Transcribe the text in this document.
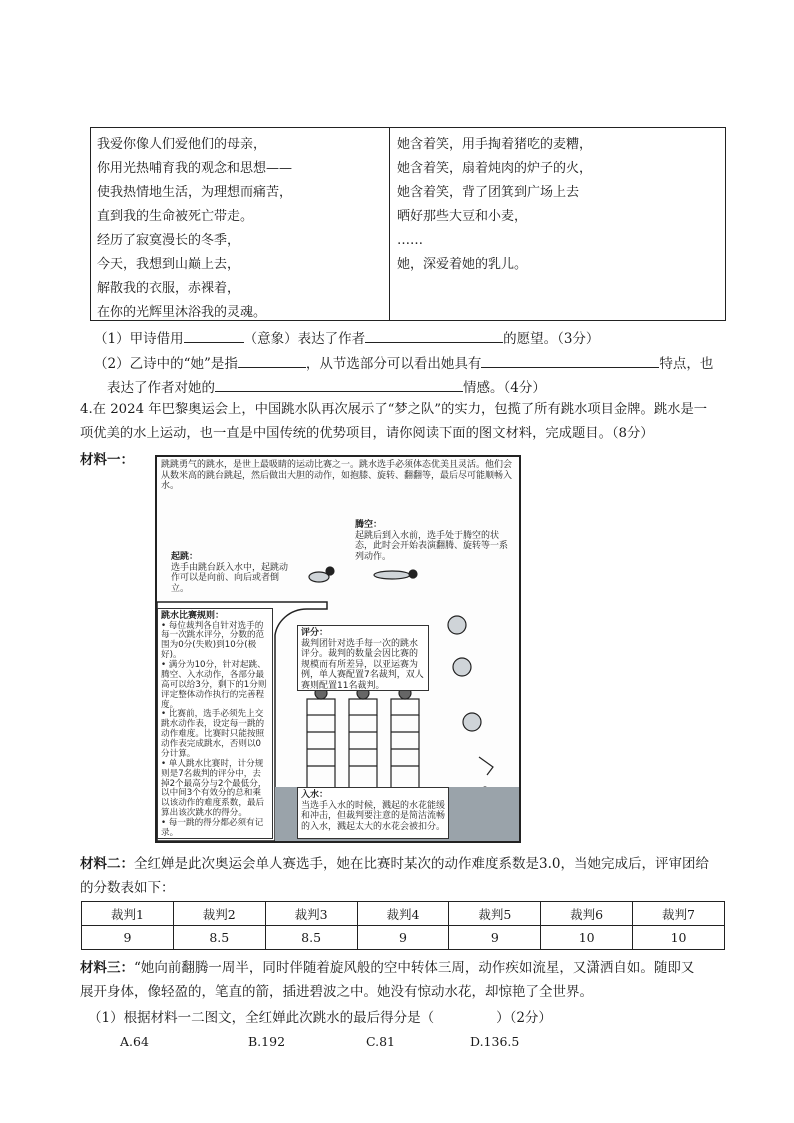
我爱你像人们爱他们的母亲，
你用光热哺育我的观念和思想——
使我热情地生活，为理想而痛苦，
直到我的生命被死亡带走。
经历了寂寞漫长的冬季，
今天，我想到山巅上去，
解散我的衣服，赤裸着，
在你的光辉里沐浴我的灵魂。
她含着笑，用手掏着猪吃的麦糟，
她含着笑，扇着炖肉的炉子的火，
她含着笑，背了团箕到广场上去
晒好那些大豆和小麦，
……
她，深爱着她的乳儿。
（1）甲诗借用	（意象）表达了作者	的愿望。（3分）
（2）乙诗中的“她”是指	，从节选部分可以看出她具有	特点，也
表达了作者对她的	情感。（4分）
4.在 2024 年巴黎奥运会上，中国跳水队再次展示了“梦之队”的实力，包揽了所有跳水项目金牌。跳水是一
项优美的水上运动，也一直是中国传统的优势项目，请你阅读下面的图文材料，完成题目。（8分）
材料一：	跳跳勇气的跳水，是世上最吸睛的运动比赛之一。跳水选手必须体态优美且灵活。他们会从数米高的跳台跳起，然后做出大胆的动作，如抱膝、旋转、翻翻等，最后尽可能顺畅入水。
起跳：
选手由跳台跃入水中，起跳动作可以是向前、向后或者倒立。
腾空：
起跳后到入水前，选手处于腾空的状态，此时会开始表演翻腾、旋转等一系列动作。
跳水比赛规则：
• 每位裁判各自针对选手的每一次跳水评分，分数的范围为0分(失败)到10分(极好)。
• 满分为10分，针对起跳、腾空、入水动作，各部分最高可以给3分，剩下的1分则评定整体动作执行的完善程度。
• 比赛前，选手必须先上交跳水动作表，设定每一跳的动作难度。比赛时只能按照动作表完成跳水，否则以0分计算。
• 单人跳水比赛时，计分规则是7名裁判的评分中，去掉2个最高分与2个最低分，以中间3个有效分的总和乘以该动作的难度系数，最后算出该次跳水的得分。
• 每一跳的得分都必须有记录。
评分：
裁判团针对选手每一次的跳水评分。裁判的数量会因比赛的规模而有所差异，以亚运赛为例，单人赛配置7名裁判，双人赛则配置11名裁判。
入水：
当选手入水的时候，溅起的水花能缓和冲击，但裁判要注意的是简洁流畅的入水，溅起太大的水花会被扣分。
材料二：全红婵是此次奥运会单人赛选手，她在比赛时某次的动作难度系数是3.0，当她完成后，评审团给
的分数表如下：
裁判1	裁判2	裁判3	裁判4	裁判5	裁判6	裁判7
9	8.5	8.5	9	9	10	10
材料三：“她向前翻腾一周半，同时伴随着旋风般的空中转体三周，动作疾如流星，又潇洒自如。随即又
展开身体，像轻盈的，笔直的箭，插进碧波之中。她没有惊动水花，却惊艳了全世界。
（1）根据材料一二图文，全红婵此次跳水的最后得分是（	）（2分）
A.64	B.192	C.81	D.136.5
